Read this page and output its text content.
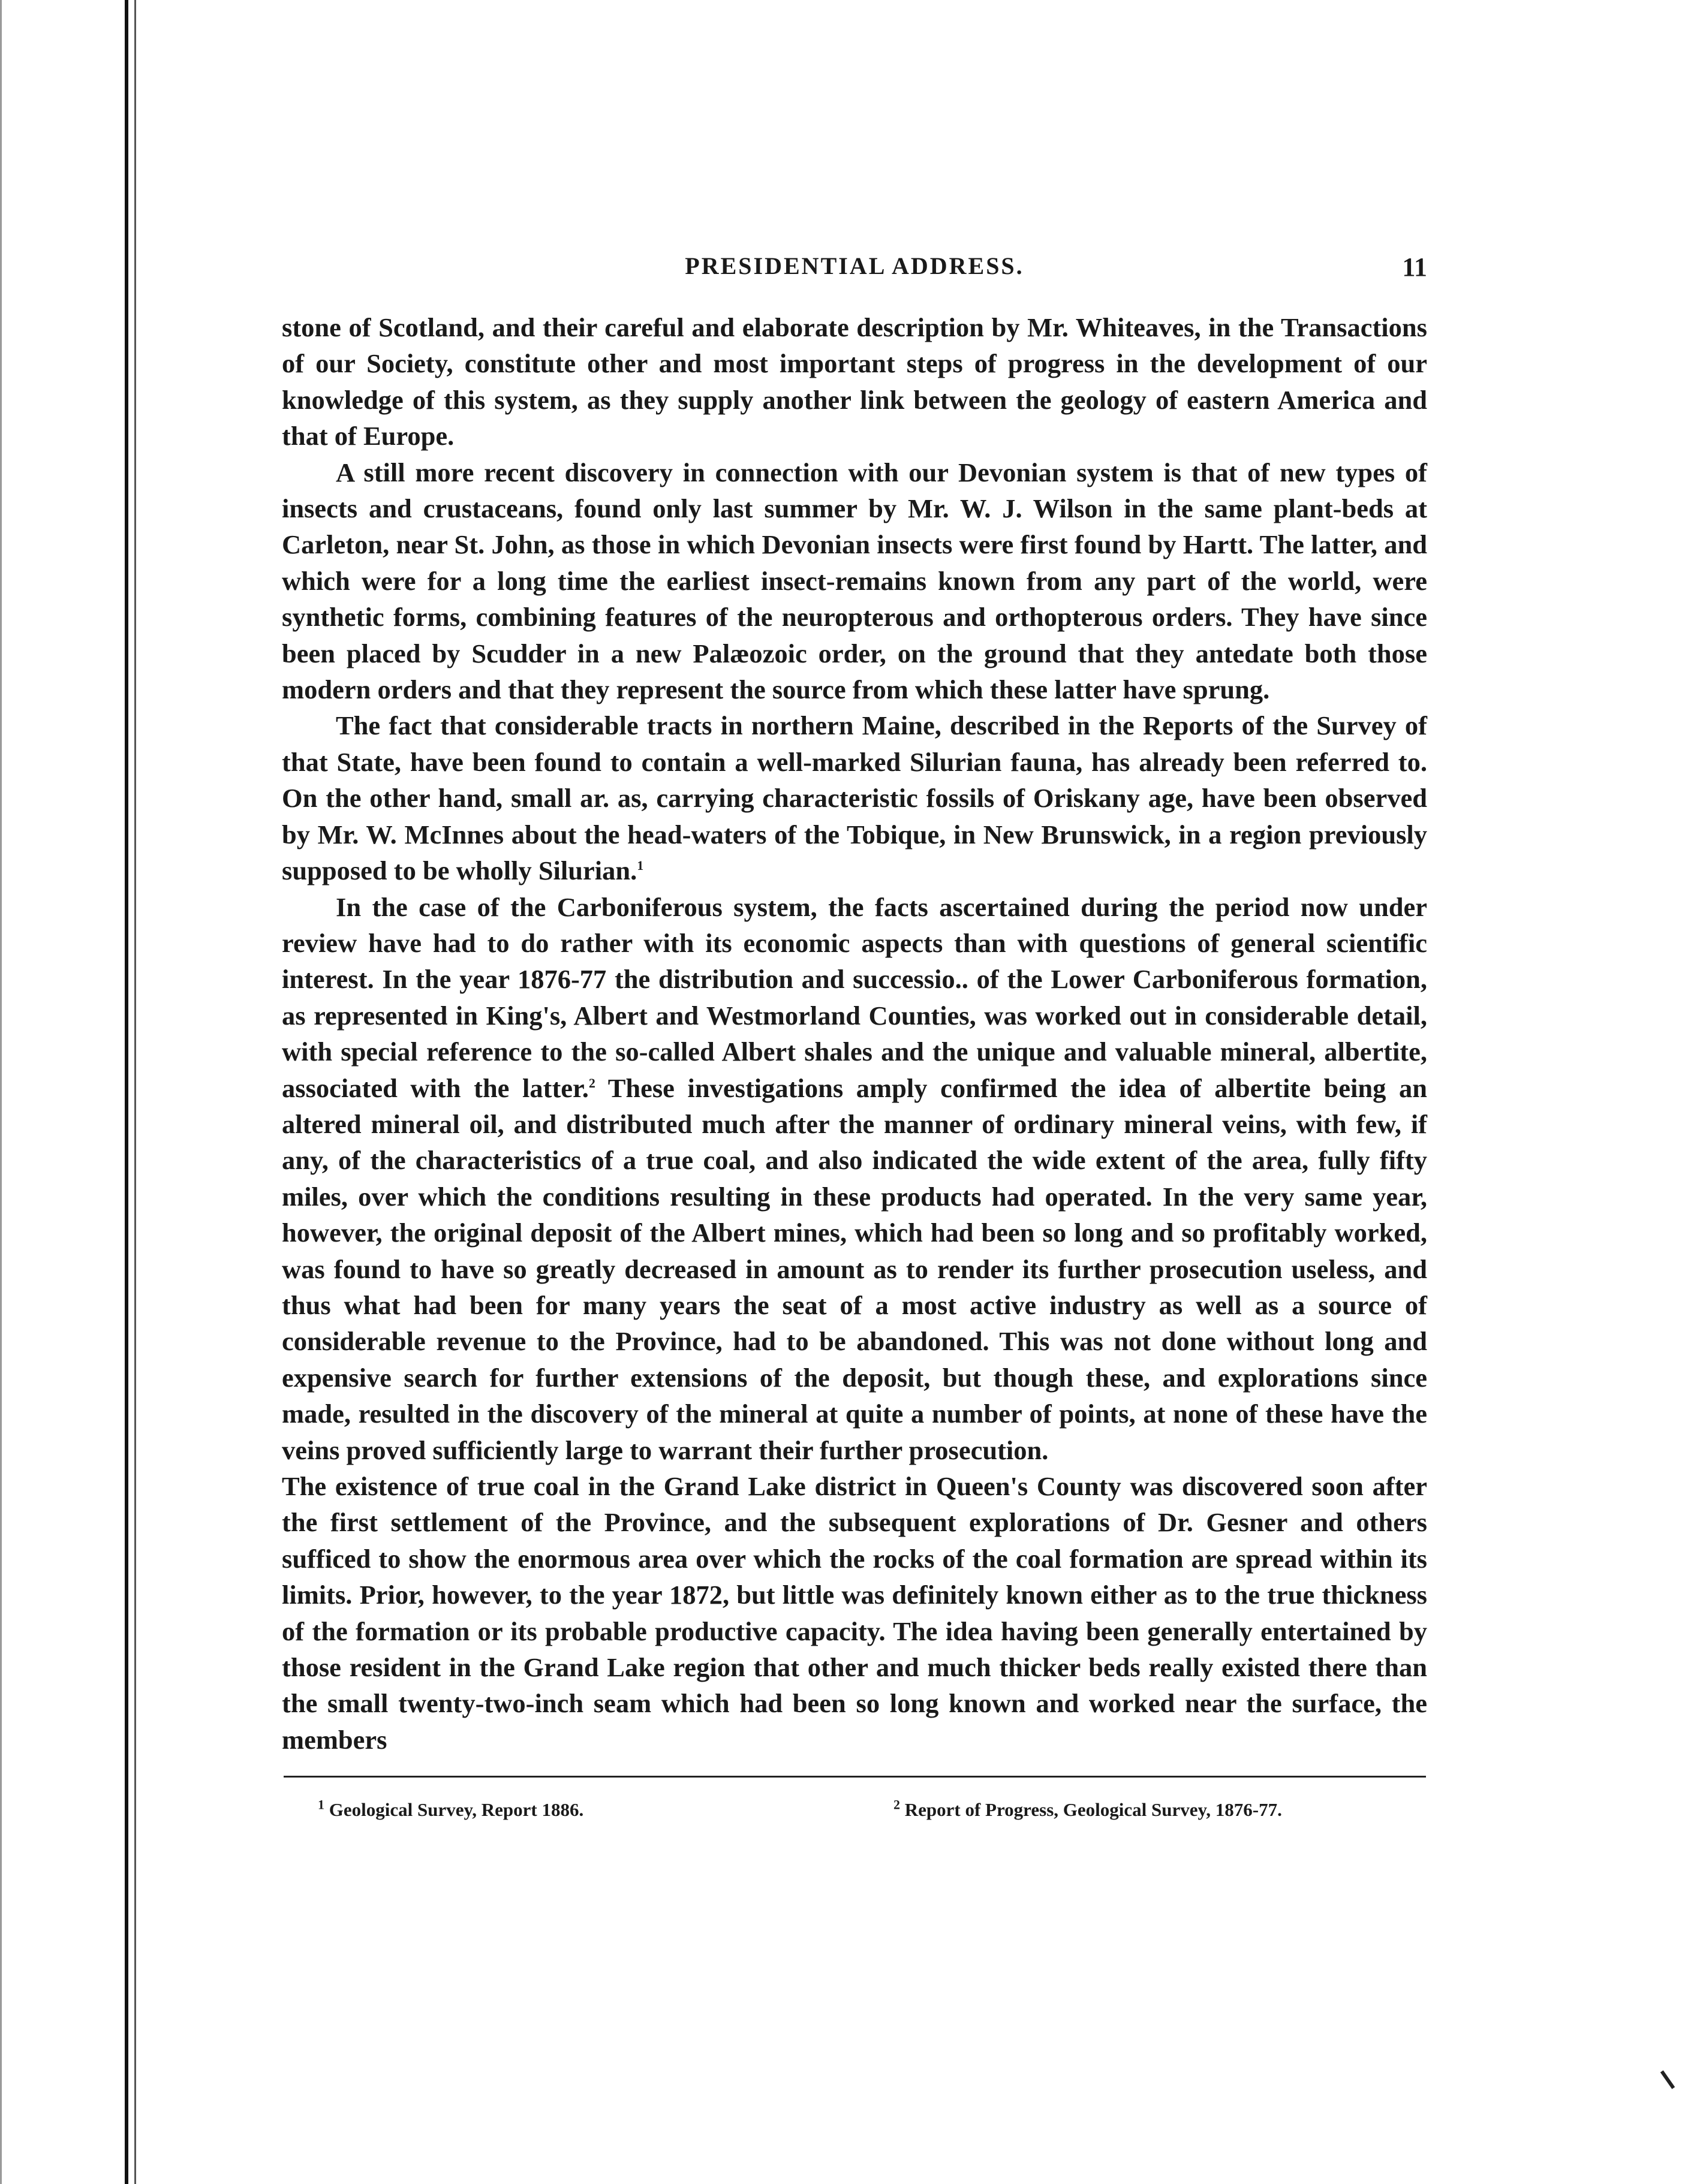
PRESIDENTIAL ADDRESS.	11

stone of Scotland, and their careful and elaborate description by Mr. Whiteaves, in the Transactions of our Society, constitute other and most important steps of progress in the development of our knowledge of this system, as they supply another link between the geology of eastern America and that of Europe.

A still more recent discovery in connection with our Devonian system is that of new types of insects and crustaceans, found only last summer by Mr. W. J. Wilson in the same plant-beds at Carleton, near St. John, as those in which Devonian insects were first found by Hartt. The latter, and which were for a long time the earliest insect-remains known from any part of the world, were synthetic forms, combining features of the neuropterous and orthopterous orders. They have since been placed by Scudder in a new Palæozoic order, on the ground that they antedate both those modern orders and that they represent the source from which these latter have sprung.

The fact that considerable tracts in northern Maine, described in the Reports of the Survey of that State, have been found to contain a well-marked Silurian fauna, has already been referred to. On the other hand, small ar. as, carrying characteristic fossils of Oriskany age, have been observed by Mr. W. McInnes about the head-waters of the Tobique, in New Brunswick, in a region previously supposed to be wholly Silurian.$^1$

In the case of the Carboniferous system, the facts ascertained during the period now under review have had to do rather with its economic aspects than with questions of general scientific interest. In the year 1876-77 the distribution and successio.. of the Lower Carboniferous formation, as represented in King's, Albert and Westmorland Counties, was worked out in considerable detail, with special reference to the so-called Albert shales and the unique and valuable mineral, albertite, associated with the latter.$^2$ These investigations amply confirmed the idea of albertite being an altered mineral oil, and distributed much after the manner of ordinary mineral veins, with few, if any, of the characteristics of a true coal, and also indicated the wide extent of the area, fully fifty miles, over which the conditions resulting in these products had operated. In the very same year, however, the original deposit of the Albert mines, which had been so long and so profitably worked, was found to have so greatly decreased in amount as to render its further prosecution useless, and thus what had been for many years the seat of a most active industry as well as a source of considerable revenue to the Province, had to be abandoned. This was not done without long and expensive search for further extensions of the deposit, but though these, and explorations since made, resulted in the discovery of the mineral at quite a number of points, at none of these have the veins proved sufficiently large to warrant their further prosecution.

The existence of true coal in the Grand Lake district in Queen's County was discovered soon after the first settlement of the Province, and the subsequent explorations of Dr. Gesner and others sufficed to show the enormous area over which the rocks of the coal formation are spread within its limits. Prior, however, to the year 1872, but little was definitely known either as to the true thickness of the formation or its probable productive capacity. The idea having been generally entertained by those resident in the Grand Lake region that other and much thicker beds really existed there than the small twenty-two-inch seam which had been so long known and worked near the surface, the members

$^1$ Geological Survey, Report 1886.	$^2$ Report of Progress, Geological Survey, 1876-77.
